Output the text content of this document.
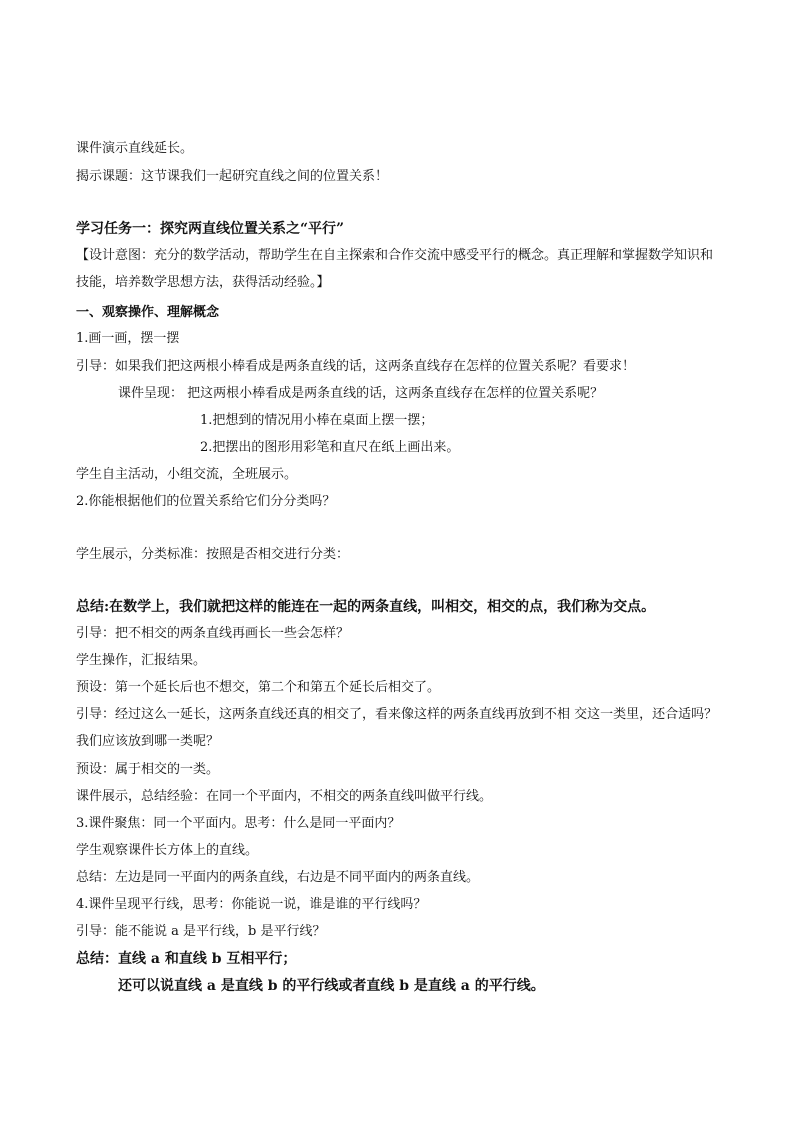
课件演示直线延长。
揭示课题：这节课我们一起研究直线之间的位置关系！
学习任务一：探究两直线位置关系之“平行”
【设计意图：充分的数学活动，帮助学生在自主探索和合作交流中感受平行的概念。真正理解和掌握数学知识和技能，培养数学思想方法，获得活动经验。】
一、观察操作、理解概念
1.画一画，摆一摆
引导：如果我们把这两根小棒看成是两条直线的话，这两条直线存在怎样的位置关系呢？看要求！
课件呈现： 把这两根小棒看成是两条直线的话，这两条直线存在怎样的位置关系呢？
1.把想到的情况用小棒在桌面上摆一摆；
2.把摆出的图形用彩笔和直尺在纸上画出来。
学生自主活动，小组交流，全班展示。
2.你能根据他们的位置关系给它们分分类吗？
学生展示，分类标准：按照是否相交进行分类：
总结:在数学上，我们就把这样的能连在一起的两条直线，叫相交，相交的点，我们称为交点。
引导：把不相交的两条直线再画长一些会怎样？
学生操作，汇报结果。
预设：第一个延长后也不想交，第二个和第五个延长后相交了。
引导：经过这么一延长，这两条直线还真的相交了，看来像这样的两条直线再放到不相 交这一类里，还合适吗？我们应该放到哪一类呢？
预设：属于相交的一类。
课件展示，总结经验：在同一个平面内，不相交的两条直线叫做平行线。
3.课件聚焦：同一个平面内。思考：什么是同一平面内？
学生观察课件长方体上的直线。
总结：左边是同一平面内的两条直线，右边是不同平面内的两条直线。
4.课件呈现平行线，思考：你能说一说，谁是谁的平行线吗？
引导：能不能说 a 是平行线，b 是平行线？
总结：直线 a 和直线 b 互相平行；
还可以说直线 a 是直线 b 的平行线或者直线 b 是直线 a 的平行线。
